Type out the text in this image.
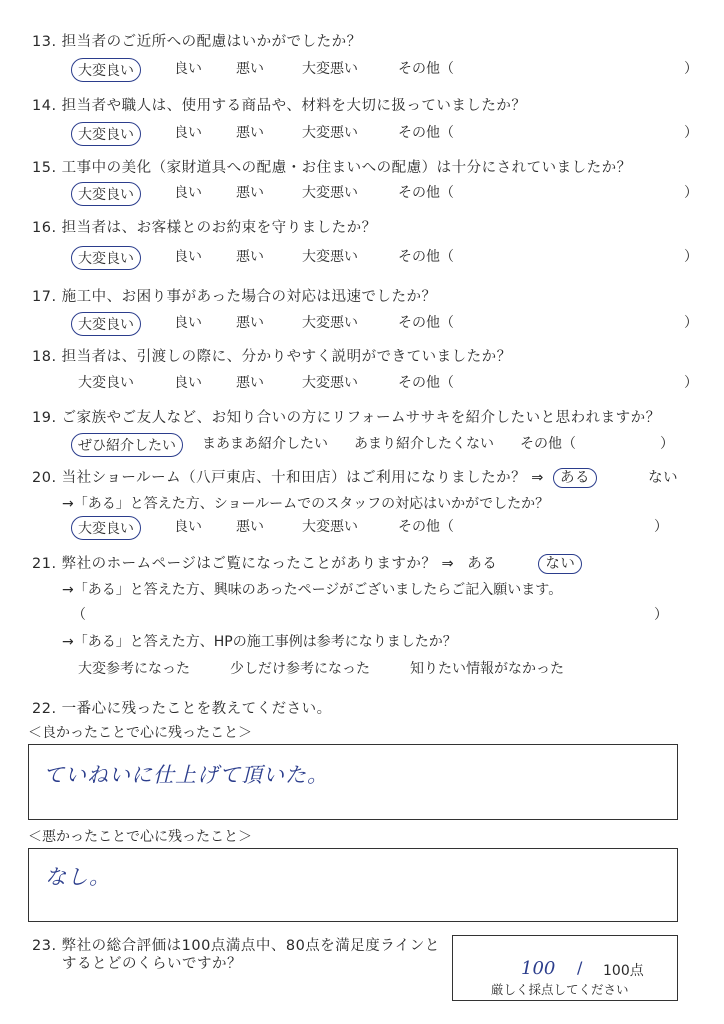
13. 担当者のご近所への配慮はいかがでしたか？
大変良い	良い 悪い	大変悪い	その他（	）
14. 担当者や職人は、使用する商品や、材料を大切に扱っていましたか？
大変良い	良い 悪い	大変悪い	その他（	）
15. 工事中の美化（家財道具への配慮・お住まいへの配慮）は十分にされていましたか？
大変良い	良い 悪い	大変悪い	その他（	）
16. 担当者は、お客様とのお約束を守りましたか？
大変良い	良い 悪い	大変悪い	その他（	）
17. 施工中、お困り事があった場合の対応は迅速でしたか？
大変良い	良い 悪い	大変悪い	その他（	）
18. 担当者は、引渡しの際に、分かりやすく説明ができていましたか？
大変良い	良い 悪い	大変悪い	その他（	）
19. ご家族やご友人など、お知り合いの方にリフォームササキを紹介したいと思われますか？
ぜひ紹介したい	まあまあ紹介したい あまり紹介したくない その他（	）
20. 当社ショールーム（八戸東店、十和田店）はご利用になりましたか？ ⇒ ある	ない
→「ある」と答えた方、ショールームでのスタッフの対応はいかがでしたか？
大変良い	良い 悪い	大変悪い	その他（	）
21. 弊社のホームページはご覧になったことがありますか？ ⇒ ある	ない
→「ある」と答えた方、興味のあったページがございましたらご記入願います。
（	）
→「ある」と答えた方、HPの施工事例は参考になりましたか？
大変参考になった	少しだけ参考になった	知りたい情報がなかった
22. 一番心に残ったことを教えてください。
＜良かったことで心に残ったこと＞
ていねいに仕上げて頂いた。
＜悪かったことで心に残ったこと＞
なし。
23. 弊社の総合評価は100点満点中、80点を満足度ラインと
するとどのくらいですか？	100 / 100点
厳しく採点してください
